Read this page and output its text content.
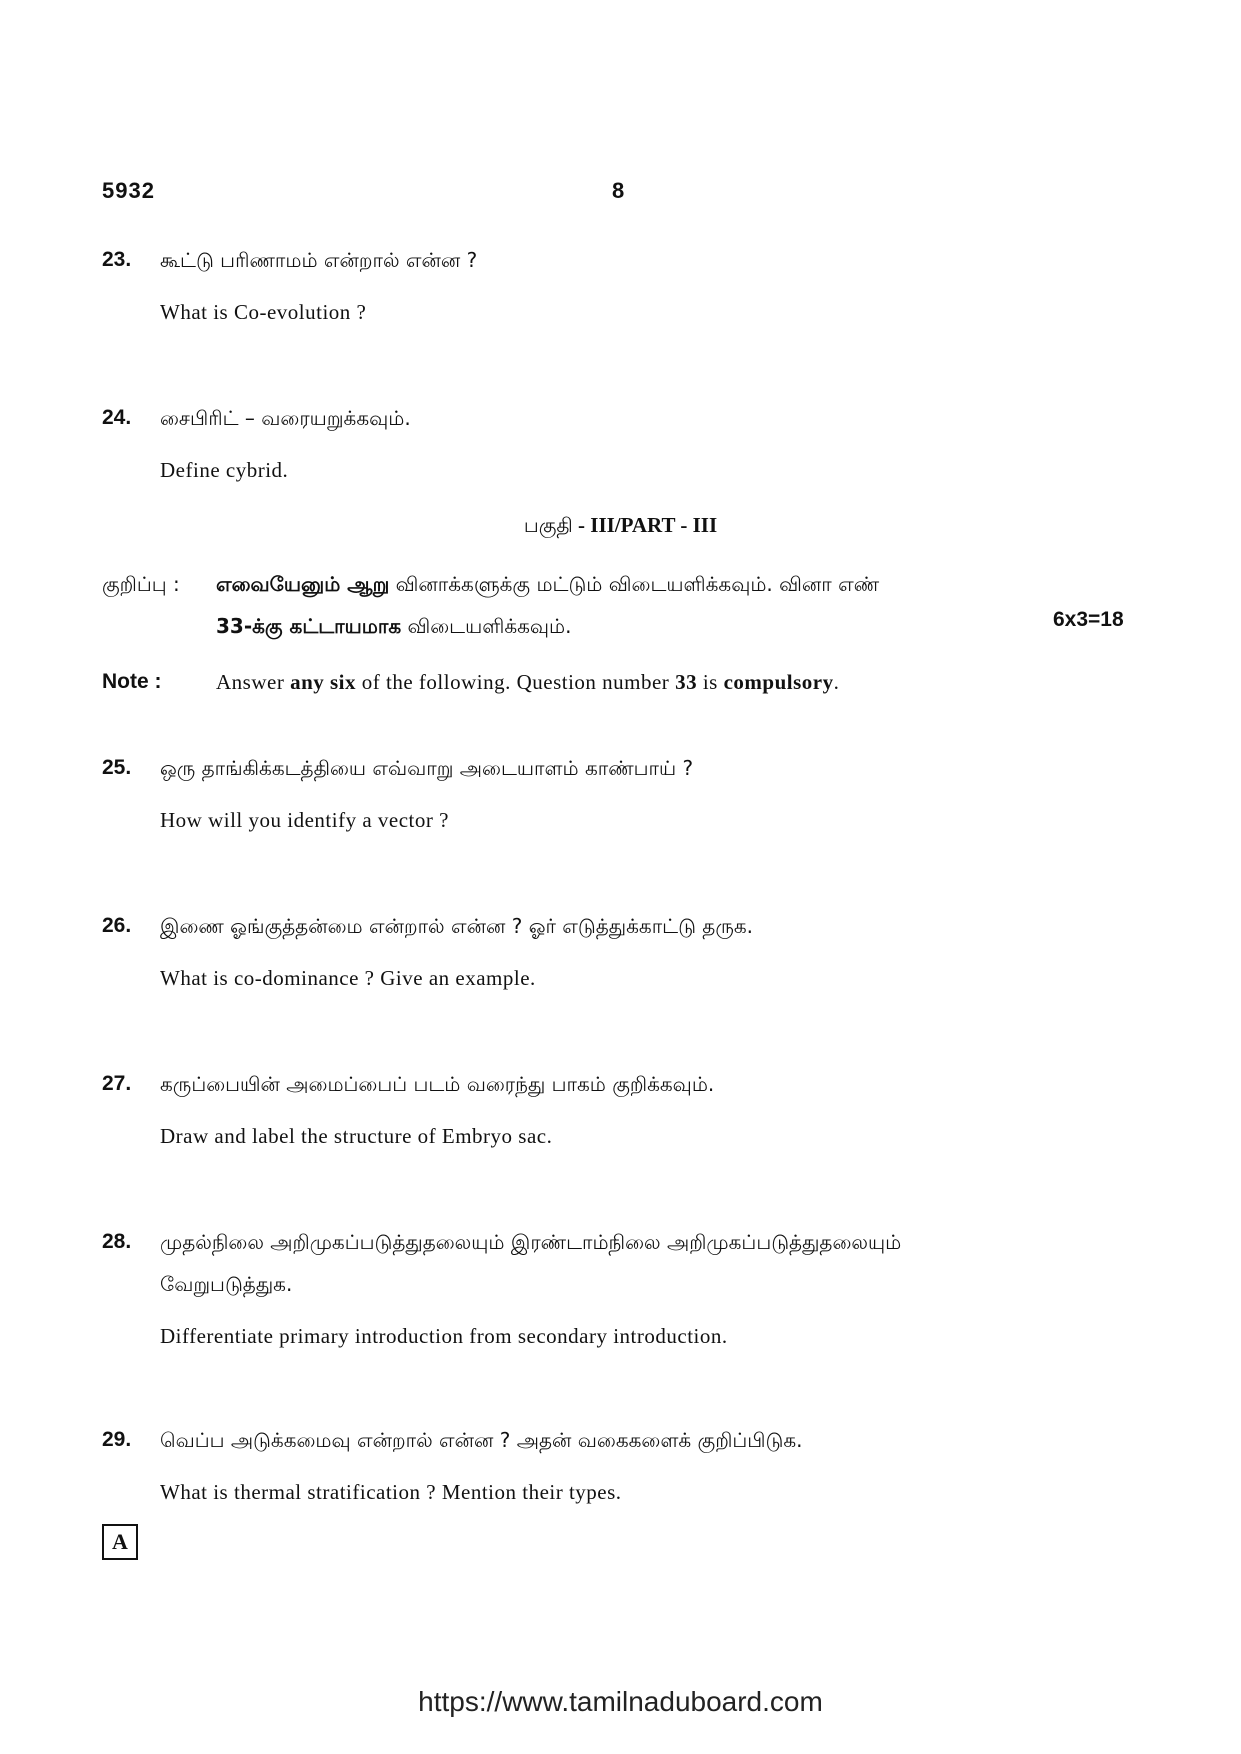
5932	8
23. கூட்டு பரிணாமம் என்றால் என்ன ?
What is Co-evolution ?
24. சைபிரிட் – வரையறுக்கவும்.
Define cybrid.
பகுதி - III/PART - III
குறிப்பு : எவையேனும் ஆறு வினாக்களுக்கு மட்டும் விடையளிக்கவும். வினா எண்
33-க்கு கட்டாயமாக விடையளிக்கவும்.	6x3=18
Note :	Answer any six of the following. Question number 33 is compulsory.
25. ஒரு தாங்கிக்கடத்தியை எவ்வாறு அடையாளம் காண்பாய் ?
How will you identify a vector ?
26. இணை ஓங்குத்தன்மை என்றால் என்ன ? ஓர் எடுத்துக்காட்டு தருக.
What is co-dominance ? Give an example.
27. கருப்பையின் அமைப்பைப் படம் வரைந்து பாகம் குறிக்கவும்.
Draw and label the structure of Embryo sac.
28. முதல்நிலை அறிமுகப்படுத்துதலையும் இரண்டாம்நிலை அறிமுகப்படுத்துதலையும்
வேறுபடுத்துக.
Differentiate primary introduction from secondary introduction.
29. வெப்ப அடுக்கமைவு என்றால் என்ன ? அதன் வகைகளைக் குறிப்பிடுக.
What is thermal stratification ? Mention their types.
A
https://www.tamilnaduboard.com
